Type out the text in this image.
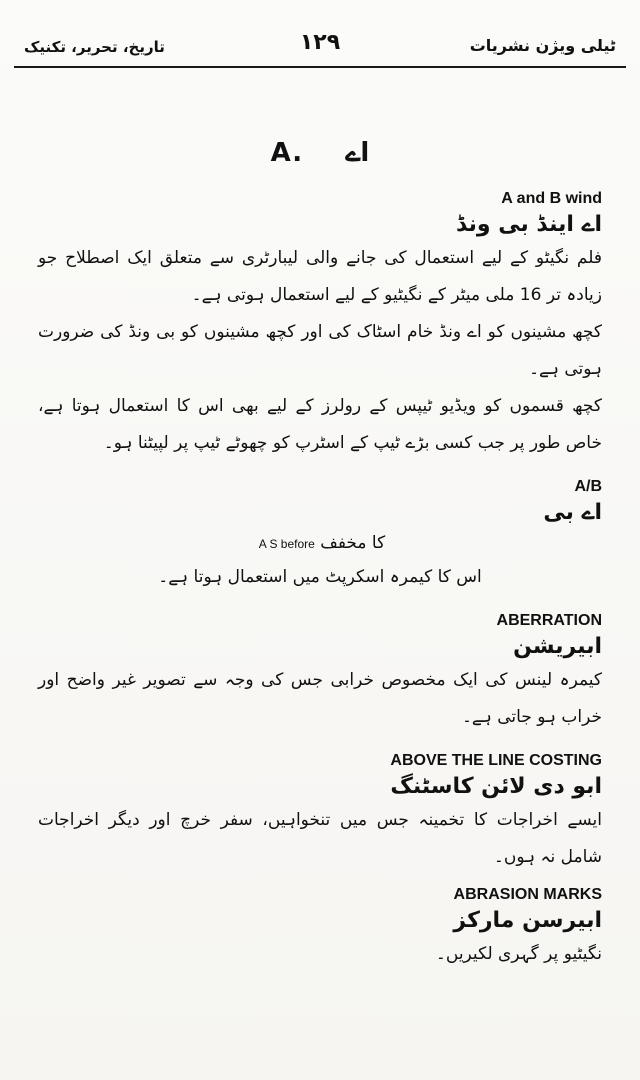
تاریخ، تحریر، تکنیک	۱۲۹	ٹیلی ویژن نشریات
A. اے

A and B wind

اے اینڈ بی ونڈ

فلم نگیٹو کے لیے استعمال کی جانے والی لیبارٹری سے متعلق ایک اصطلاح جو زیادہ تر 16 ملی میٹر کے نگیٹیو کے لیے استعمال ہوتی ہے۔

کچھ مشینوں کو اے ونڈ خام اسٹاک کی اور کچھ مشینوں کو بی ونڈ کی ضرورت ہوتی ہے۔

کچھ قسموں کو ویڈیو ٹیپس کے رولرز کے لیے بھی اس کا استعمال ہوتا ہے، خاص طور پر جب کسی بڑے ٹیپ کے اسٹرپ کو چھوٹے ٹیپ پر لپیٹنا ہو۔

A/B

اے بی

کا مخفف A S before

اس کا کیمرہ اسکرپٹ میں استعمال ہوتا ہے۔

ABERRATION

ابیریشن

کیمرہ لینس کی ایک مخصوص خرابی جس کی وجہ سے تصویر غیر واضح اور خراب ہو جاتی ہے۔

ABOVE THE LINE COSTING

ابو دی لائن کاسٹنگ

ایسے اخراجات کا تخمینہ جس میں تنخواہیں، سفر خرچ اور دیگر اخراجات شامل نہ ہوں۔

ABRASION MARKS

ابیرسن مارکز

نگیٹیو پر گہری لکیریں۔
